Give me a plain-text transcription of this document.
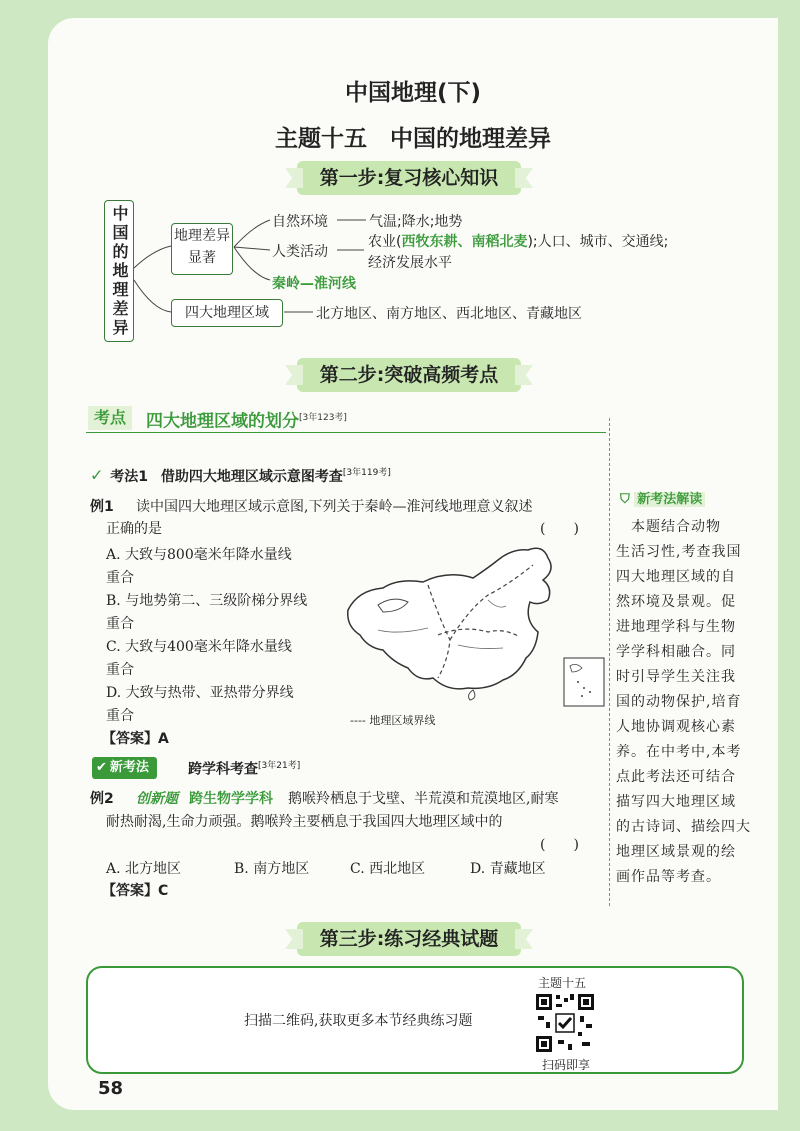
中国地理(下)
主题十五　中国的地理差异
第一步:复习核心知识
中国的地理差异	地理差异显著
四大地理区域
自然环境	气温;降水;地势
人类活动
农业(西牧东耕、南稻北麦);人口、城市、交通线;
经济发展水平
秦岭—淮河线
北方地区、南方地区、西北地区、青藏地区
第二步:突破高频考点
考点	四大地理区域的划分[3年123考]
✓ 考法1 借助四大地理区域示意图考查[3年119考]
例1 读中国四大地理区域示意图,下列关于秦岭—淮河线地理意义叙述
正确的是	(　　)
A. 大致与800毫米年降水量线
重合
B. 与地势第二、三级阶梯分界线
重合
C. 大致与400毫米年降水量线
重合
D. 大致与热带、亚热带分界线
重合
【答案】A
---- 地理区域界线
✔ 新考法	跨学科考查[3年21考]
例2 创新题 跨生物学学科 鹅喉羚栖息于戈壁、半荒漠和荒漠地区,耐寒
耐热耐渴,生命力顽强。鹅喉羚主要栖息于我国四大地理区域中的
(　　)
A. 北方地区	B. 南方地区	C. 西北地区	D. 青藏地区
【答案】C
⛉ 新考法解读
　本题结合动物
生活习性,考查我国
四大地理区域的自
然环境及景观。促
进地理学科与生物
学学科相融合。同
时引导学生关注我
国的动物保护,培育
人地协调观核心素
养。在中考中,本考
点此考法还可结合
描写四大地理区域
的古诗词、描绘四大
地理区域景观的绘
画作品等考查。
第三步:练习经典试题
扫描二维码,获取更多本节经典练习题
主题十五
扫码即享
58
